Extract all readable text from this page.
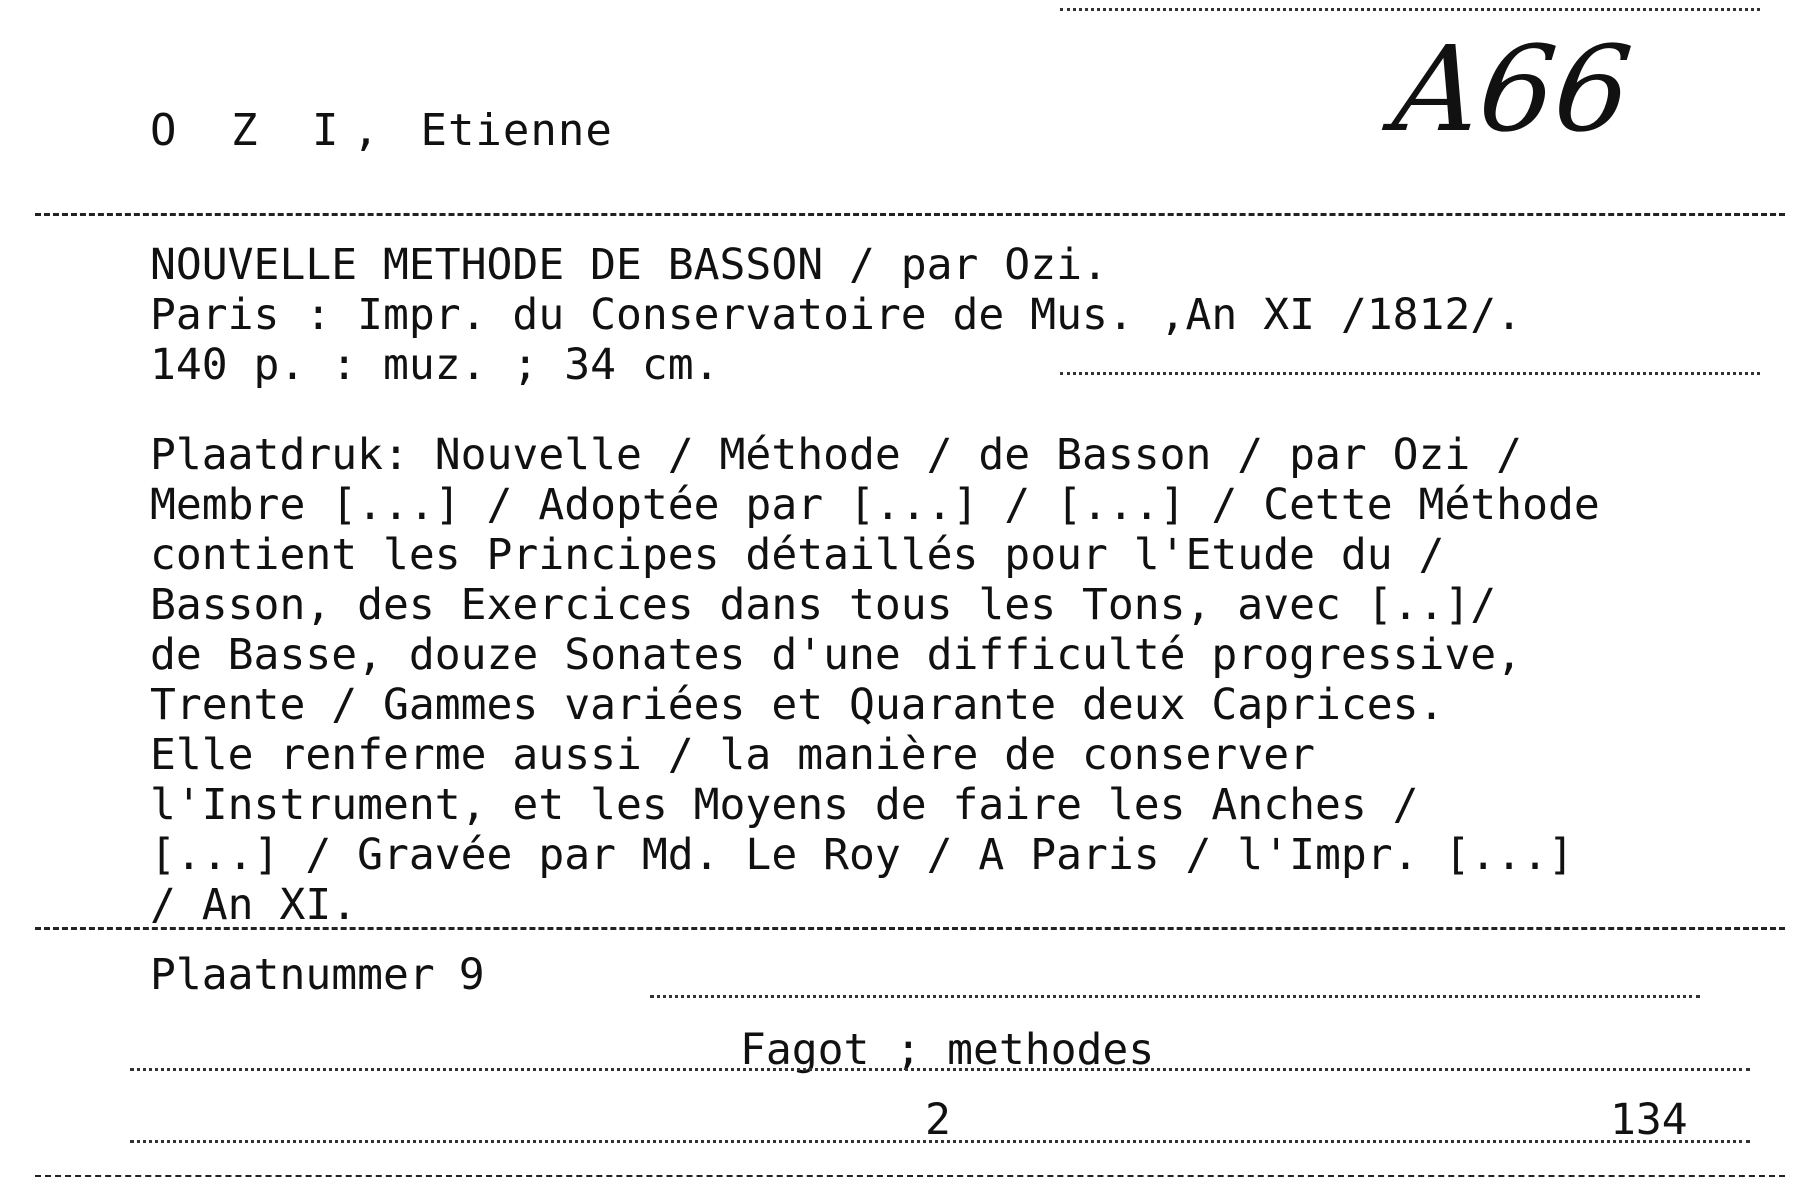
O Z I, Etienne	A66
NOUVELLE METHODE DE BASSON / par Ozi.
Paris : Impr. du Conservatoire de Mus. ,An XI /1812/.
140 p. : muz. ; 34 cm.
Plaatdruk: Nouvelle / Méthode / de Basson / par Ozi /
Membre [...] / Adoptée par [...] / [...] / Cette Méthode
contient les Principes détaillés pour l'Etude du /
Basson, des Exercices dans tous les Tons, avec [..]/
de Basse, douze Sonates d'une difficulté progressive,
Trente / Gammes variées et Quarante deux Caprices.
Elle renferme aussi / la manière de conserver
l'Instrument, et les Moyens de faire les Anches /
[...] / Gravée par Md. Le Roy / A Paris / l'Impr. [...]
/ An XI.
Plaatnummer 9
Fagot ; methodes
2	134
